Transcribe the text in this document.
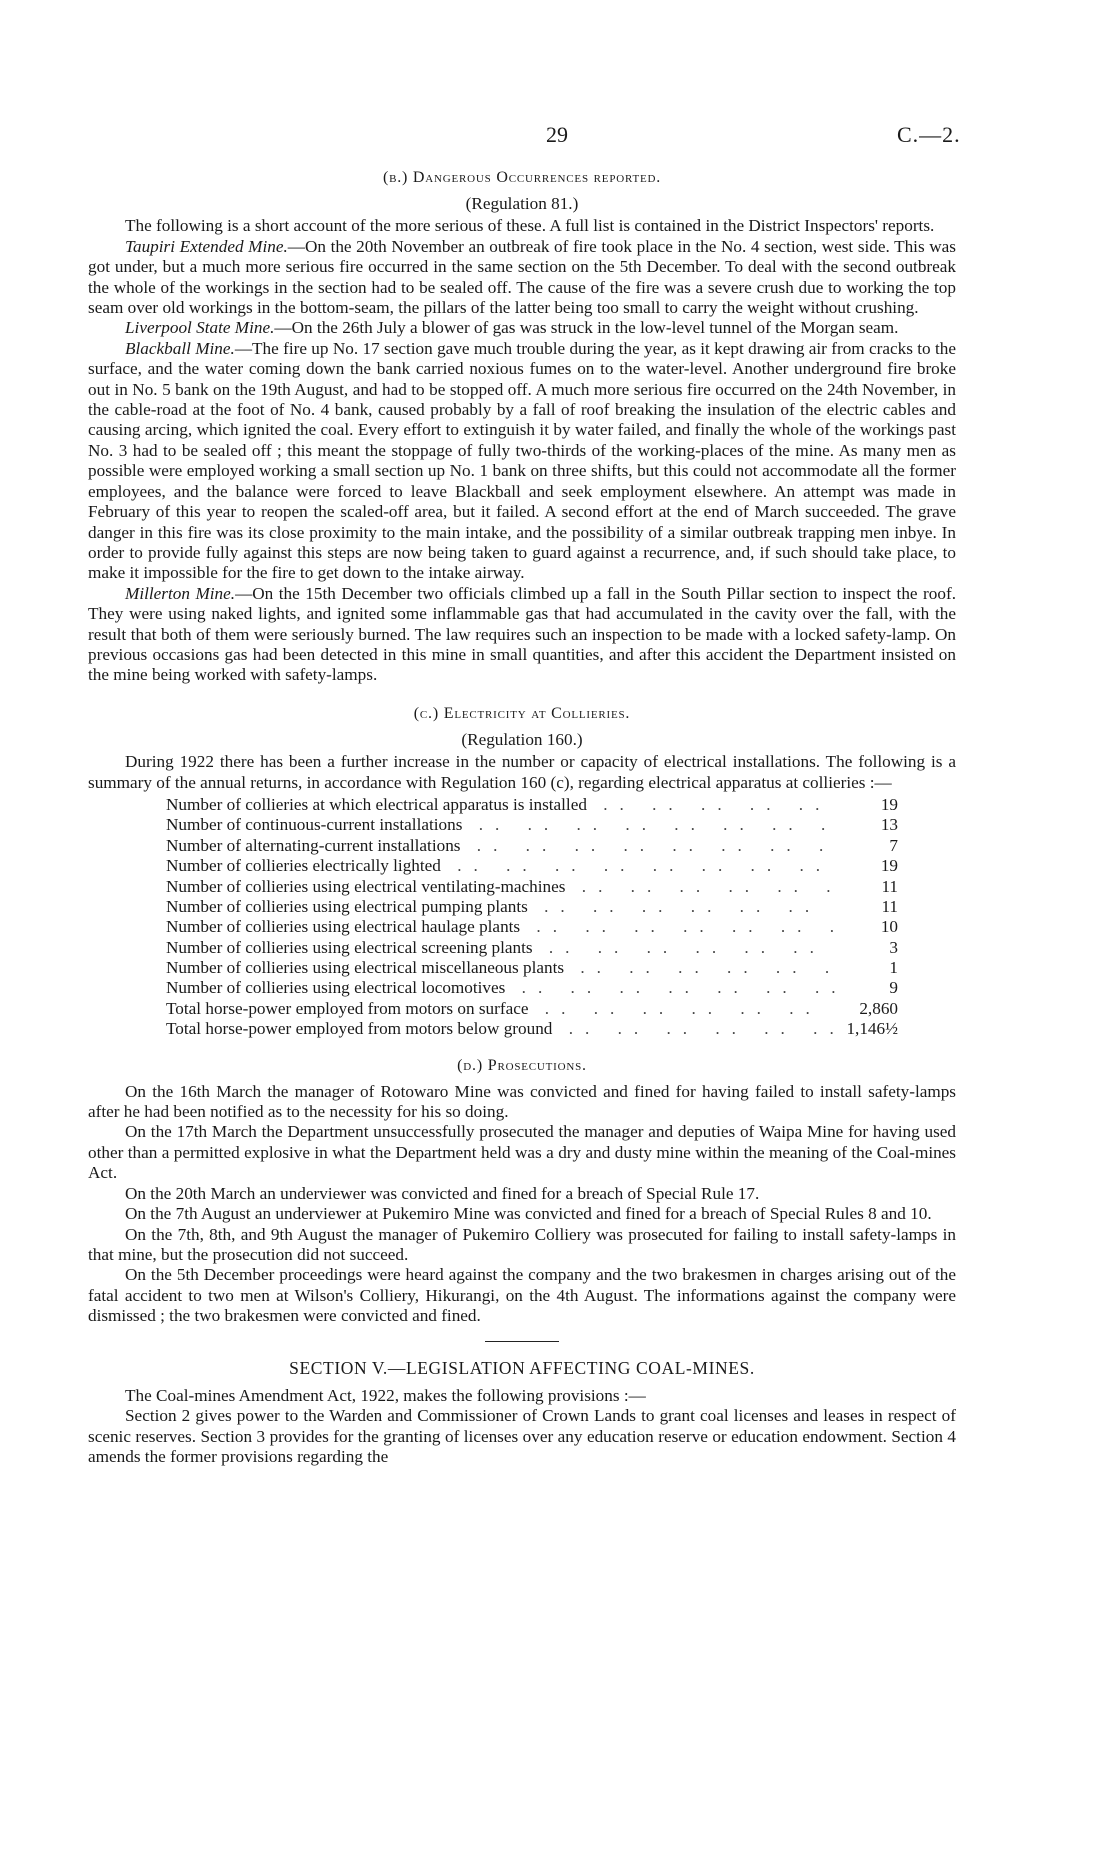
29	C.—2.
(b.) Dangerous Occurrences reported.
(Regulation 81.)

The following is a short account of the more serious of these. A full list is contained in the District Inspectors' reports.

Taupiri Extended Mine.—On the 20th November an outbreak of fire took place in the No. 4 section, west side. This was got under, but a much more serious fire occurred in the same section on the 5th December. To deal with the second outbreak the whole of the workings in the section had to be sealed off. The cause of the fire was a severe crush due to working the top seam over old workings in the bottom-seam, the pillars of the latter being too small to carry the weight without crushing.

Liverpool State Mine.—On the 26th July a blower of gas was struck in the low-level tunnel of the Morgan seam.

Blackball Mine.—The fire up No. 17 section gave much trouble during the year, as it kept drawing air from cracks to the surface, and the water coming down the bank carried noxious fumes on to the water-level. Another underground fire broke out in No. 5 bank on the 19th August, and had to be stopped off. A much more serious fire occurred on the 24th November, in the cable-road at the foot of No. 4 bank, caused probably by a fall of roof breaking the insulation of the electric cables and causing arcing, which ignited the coal. Every effort to extinguish it by water failed, and finally the whole of the workings past No. 3 had to be sealed off ; this meant the stoppage of fully two-thirds of the working-places of the mine. As many men as possible were employed working a small section up No. 1 bank on three shifts, but this could not accommodate all the former employees, and the balance were forced to leave Blackball and seek employment elsewhere. An attempt was made in February of this year to reopen the scaled-off area, but it failed. A second effort at the end of March succeeded. The grave danger in this fire was its close proximity to the main intake, and the possibility of a similar outbreak trapping men inbye. In order to provide fully against this steps are now being taken to guard against a recurrence, and, if such should take place, to make it impossible for the fire to get down to the intake airway.

Millerton Mine.—On the 15th December two officials climbed up a fall in the South Pillar section to inspect the roof. They were using naked lights, and ignited some inflammable gas that had accumulated in the cavity over the fall, with the result that both of them were seriously burned. The law requires such an inspection to be made with a locked safety-lamp. On previous occasions gas had been detected in this mine in small quantities, and after this accident the Department insisted on the mine being worked with safety-lamps.

(c.) Electricity at Collieries.
(Regulation 160.)

During 1922 there has been a further increase in the number or capacity of electrical installations. The following is a summary of the annual returns, in accordance with Regulation 160 (c), regarding electrical apparatus at collieries :—

Number of collieries at which electrical apparatus is installed .. ..	19
Number of continuous-current installations .. ..	13
Number of alternating-current installations .. ..	7
Number of collieries electrically lighted .. ..	19
Number of collieries using electrical ventilating-machines .. ..	11
Number of collieries using electrical pumping plants .. ..	11
Number of collieries using electrical haulage plants .. ..	10
Number of collieries using electrical screening plants .. ..	3
Number of collieries using electrical miscellaneous plants .. ..	1
Number of collieries using electrical locomotives .. ..	9
Total horse-power employed from motors on surface .. ..	2,860
Total horse-power employed from motors below ground .. ..	1,146½
(d.) Prosecutions.

On the 16th March the manager of Rotowaro Mine was convicted and fined for having failed to install safety-lamps after he had been notified as to the necessity for his so doing.

On the 17th March the Department unsuccessfully prosecuted the manager and deputies of Waipa Mine for having used other than a permitted explosive in what the Department held was a dry and dusty mine within the meaning of the Coal-mines Act.

On the 20th March an underviewer was convicted and fined for a breach of Special Rule 17.

On the 7th August an underviewer at Pukemiro Mine was convicted and fined for a breach of Special Rules 8 and 10.

On the 7th, 8th, and 9th August the manager of Pukemiro Colliery was prosecuted for failing to install safety-lamps in that mine, but the prosecution did not succeed.

On the 5th December proceedings were heard against the company and the two brakesmen in charges arising out of the fatal accident to two men at Wilson's Colliery, Hikurangi, on the 4th August. The informations against the company were dismissed ; the two brakesmen were convicted and fined.

SECTION V.—LEGISLATION AFFECTING COAL-MINES.

The Coal-mines Amendment Act, 1922, makes the following provisions :—

Section 2 gives power to the Warden and Commissioner of Crown Lands to grant coal licenses and leases in respect of scenic reserves. Section 3 provides for the granting of licenses over any education reserve or education endowment. Section 4 amends the former provisions regarding the
